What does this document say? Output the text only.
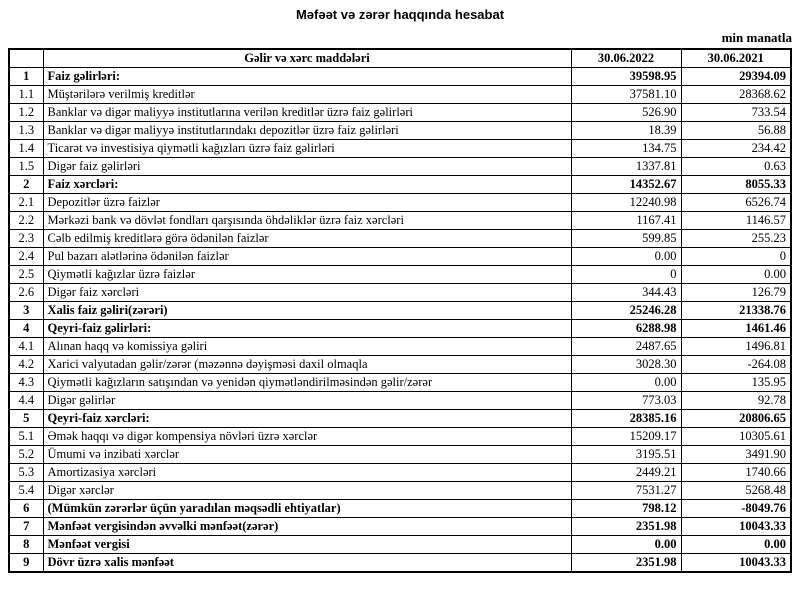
Məfəət və zərər haqqında hesabat
min manatla
	Gəlir və xərc maddələri	30.06.2022	30.06.2021
1	Faiz gəlirləri:	39598.95	29394.09
1.1	Müştərilərə verilmiş kreditlər	37581.10	28368.62
1.2	Banklar və digər maliyyə institutlarına verilən kreditlər üzrə faiz gəlirləri	526.90	733.54
1.3	Banklar və digər maliyyə institutlarındakı depozitlər üzrə faiz gəlirləri	18.39	56.88
1.4	Ticarət və investisiya qiymətli kağızları üzrə faiz gəlirləri	134.75	234.42
1.5	Digər faiz gəlirləri	1337.81	0.63
2	Faiz xərcləri:	14352.67	8055.33
2.1	Depozitlər üzrə faizlər	12240.98	6526.74
2.2	Mərkəzi bank və dövlət fondları qarşısında öhdəliklər üzrə faiz xərcləri	1167.41	1146.57
2.3	Cəlb edilmiş kreditlərə görə ödənilən faizlər	599.85	255.23
2.4	Pul bazarı alətlərinə ödənilən faizlər	0.00	0
2.5	Qiymətli kağızlar üzrə faizlər	0	0.00
2.6	Digər faiz xərcləri	344.43	126.79
3	Xalis faiz gəliri(zərəri)	25246.28	21338.76
4	Qeyri-faiz gəlirləri:	6288.98	1461.46
4.1	Alınan haqq və komissiya gəliri	2487.65	1496.81
4.2	Xarici valyutadan gəlir/zərər (məzənnə dəyişməsi daxil olmaqla	3028.30	-264.08
4.3	Qiymətli kağızların satışından və yenidən qiymətləndirilməsindən gəlir/zərər	0.00	135.95
4.4	Digər gəlirlər	773.03	92.78
5	Qeyri-faiz xərcləri:	28385.16	20806.65
5.1	Əmək haqqı və digər kompensiya növləri üzrə xərclər	15209.17	10305.61
5.2	Ümumi və inzibati xərclər	3195.51	3491.90
5.3	Amortizasiya xərcləri	2449.21	1740.66
5.4	Digər xərclər	7531.27	5268.48
6	(Mümkün zərərlər üçün yaradılan məqsədli ehtiyatlar)	798.12	-8049.76
7	Mənfəət vergisindən əvvəlki mənfəət(zərər)	2351.98	10043.33
8	Mənfəət vergisi	0.00	0.00
9	Dövr üzrə xalis mənfəət	2351.98	10043.33
